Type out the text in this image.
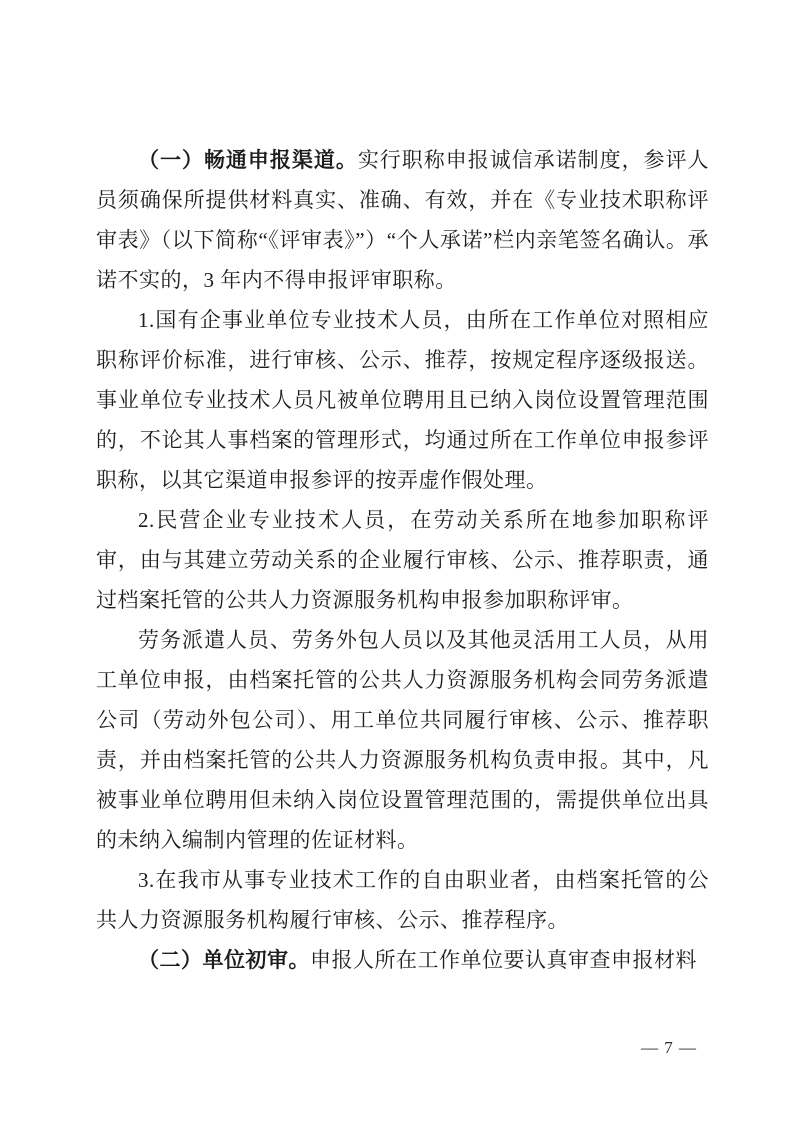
（一）畅通申报渠道。实行职称申报诚信承诺制度，参评人员须确保所提供材料真实、准确、有效，并在《专业技术职称评审表》（以下简称“《评审表》”）“个人承诺”栏内亲笔签名确认。承诺不实的，3 年内不得申报评审职称。

1.国有企事业单位专业技术人员，由所在工作单位对照相应职称评价标准，进行审核、公示、推荐，按规定程序逐级报送。事业单位专业技术人员凡被单位聘用且已纳入岗位设置管理范围的，不论其人事档案的管理形式，均通过所在工作单位申报参评职称，以其它渠道申报参评的按弄虚作假处理。

2.民营企业专业技术人员，在劳动关系所在地参加职称评审，由与其建立劳动关系的企业履行审核、公示、推荐职责，通过档案托管的公共人力资源服务机构申报参加职称评审。

劳务派遣人员、劳务外包人员以及其他灵活用工人员，从用工单位申报，由档案托管的公共人力资源服务机构会同劳务派遣公司（劳动外包公司）、用工单位共同履行审核、公示、推荐职责，并由档案托管的公共人力资源服务机构负责申报。其中，凡被事业单位聘用但未纳入岗位设置管理范围的，需提供单位出具的未纳入编制内管理的佐证材料。

3.在我市从事专业技术工作的自由职业者，由档案托管的公共人力资源服务机构履行审核、公示、推荐程序。

（二）单位初审。申报人所在工作单位要认真审查申报材料

— 7 —
